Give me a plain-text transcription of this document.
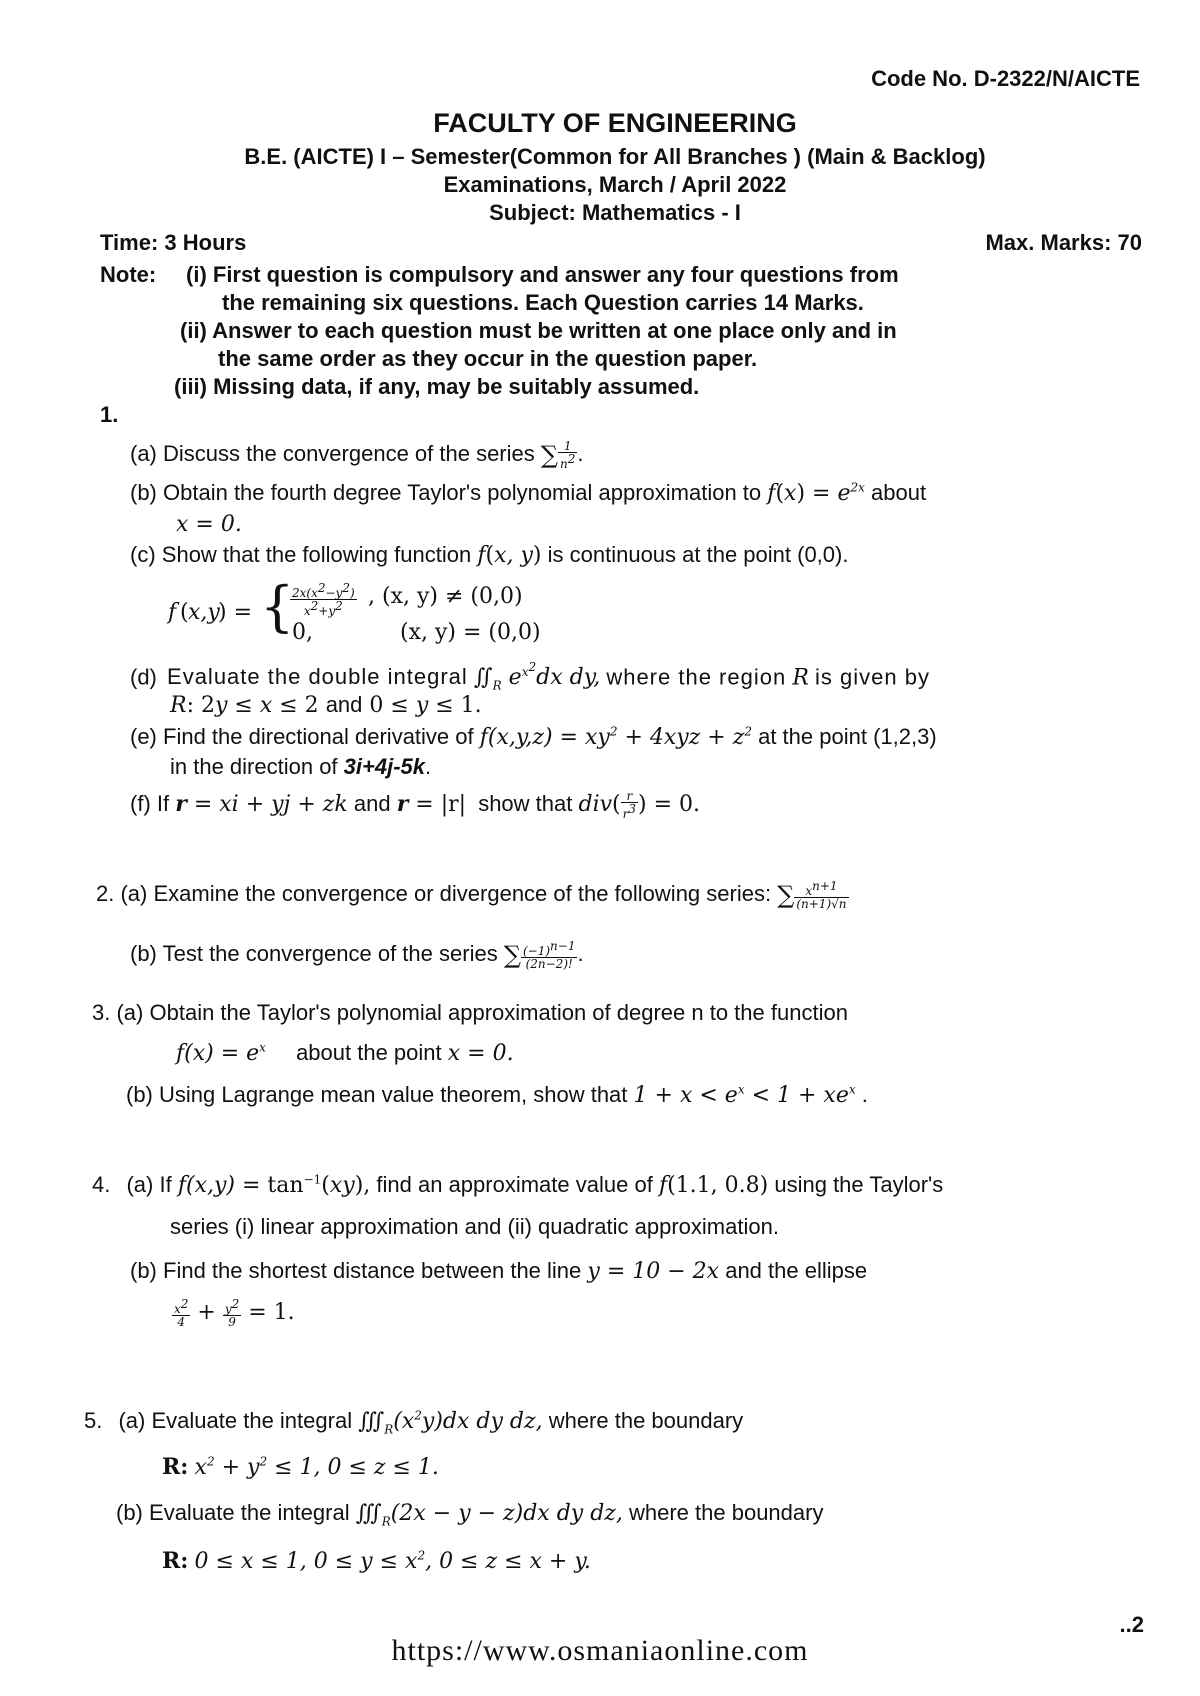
Code No. D-2322/N/AICTE
FACULTY OF ENGINEERING
B.E. (AICTE) I – Semester(Common for All Branches ) (Main & Backlog)
Examinations, March / April 2022
Subject: Mathematics - I
Time: 3 Hours	Max. Marks: 70
Note: (i) First question is compulsory and answer any four questions from
the remaining six questions. Each Question carries 14 Marks.
(ii) Answer to each question must be written at one place only and in
the same order as they occur in the question paper.
(iii) Missing data, if any, may be suitably assumed.
1.
(a) Discuss the convergence of the series ∑ $\frac{1}{n^2}$ .
(b) Obtain the fourth degree Taylor's polynomial approximation to $f(x) = e^{2x}$ about
x = 0.
(c) Show that the following function f(x, y) is continuous at the point (0,0).
f ( x,y
) = {
$\frac{2x(x^2-y^2)}{x^2+y^2}$ , (x, y) ≠ (0,0)
0,	(x, y) = (0,0)
(d) Evaluate the double integral $∬_R$ $e^{x^2}dx$ dy, where the region R is given by
R: 2y ≤ x ≤ 2 and 0 ≤ y ≤ 1.
(e) Find the directional derivative of $f(x,y,z) = xy^2 + 4xyz + z^2$ at the point (1,2,3)
in the direction of 3i+4j-5k.
(f) If r = xi + yj + zk and r = |r| show that $div( \frac{r}{r^3}$ ) = 0.
2. (a) Examine the convergence or divergence of the following series: ∑ $\frac{x^{n+1}}{(n+1)√n}$
(b) Test the convergence of the series ∑ $\frac{(-1)^{n-1}}{(2n-2)!}$ .
3. (a) Obtain the Taylor's polynomial approximation of degree n to the function
$f(x) = e^x$ about the point x = 0.
(b) Using Lagrange mean value theorem, show that $1 + x < e^x < 1 + xe^x$ .
4. (a) If $f(x,y) = \tan^{-1}(xy)$, find an approximate value of f(1.1, 0.8) using the Taylor's
series (i) linear approximation and (ii) quadratic approximation.
(b) Find the shortest distance between the line y = 10 − 2x and the ellipse
$\frac{x^2}{4} + \frac{y^2}{9} = 1$.
5. (a) Evaluate the integral $∭_R(x^2y)dx$ dy dz, where the boundary
R: $x^2 + y^2 \le 1$, 0 ≤ z ≤ 1.
(b) Evaluate the integral $∭_R(2x - y - z)dx$ dy dz, where the boundary
R: 0 ≤ x ≤ 1, $0 \le y \le x^2$, 0 ≤ z ≤ x + y.
..2
https://www.osmaniaonline.com
